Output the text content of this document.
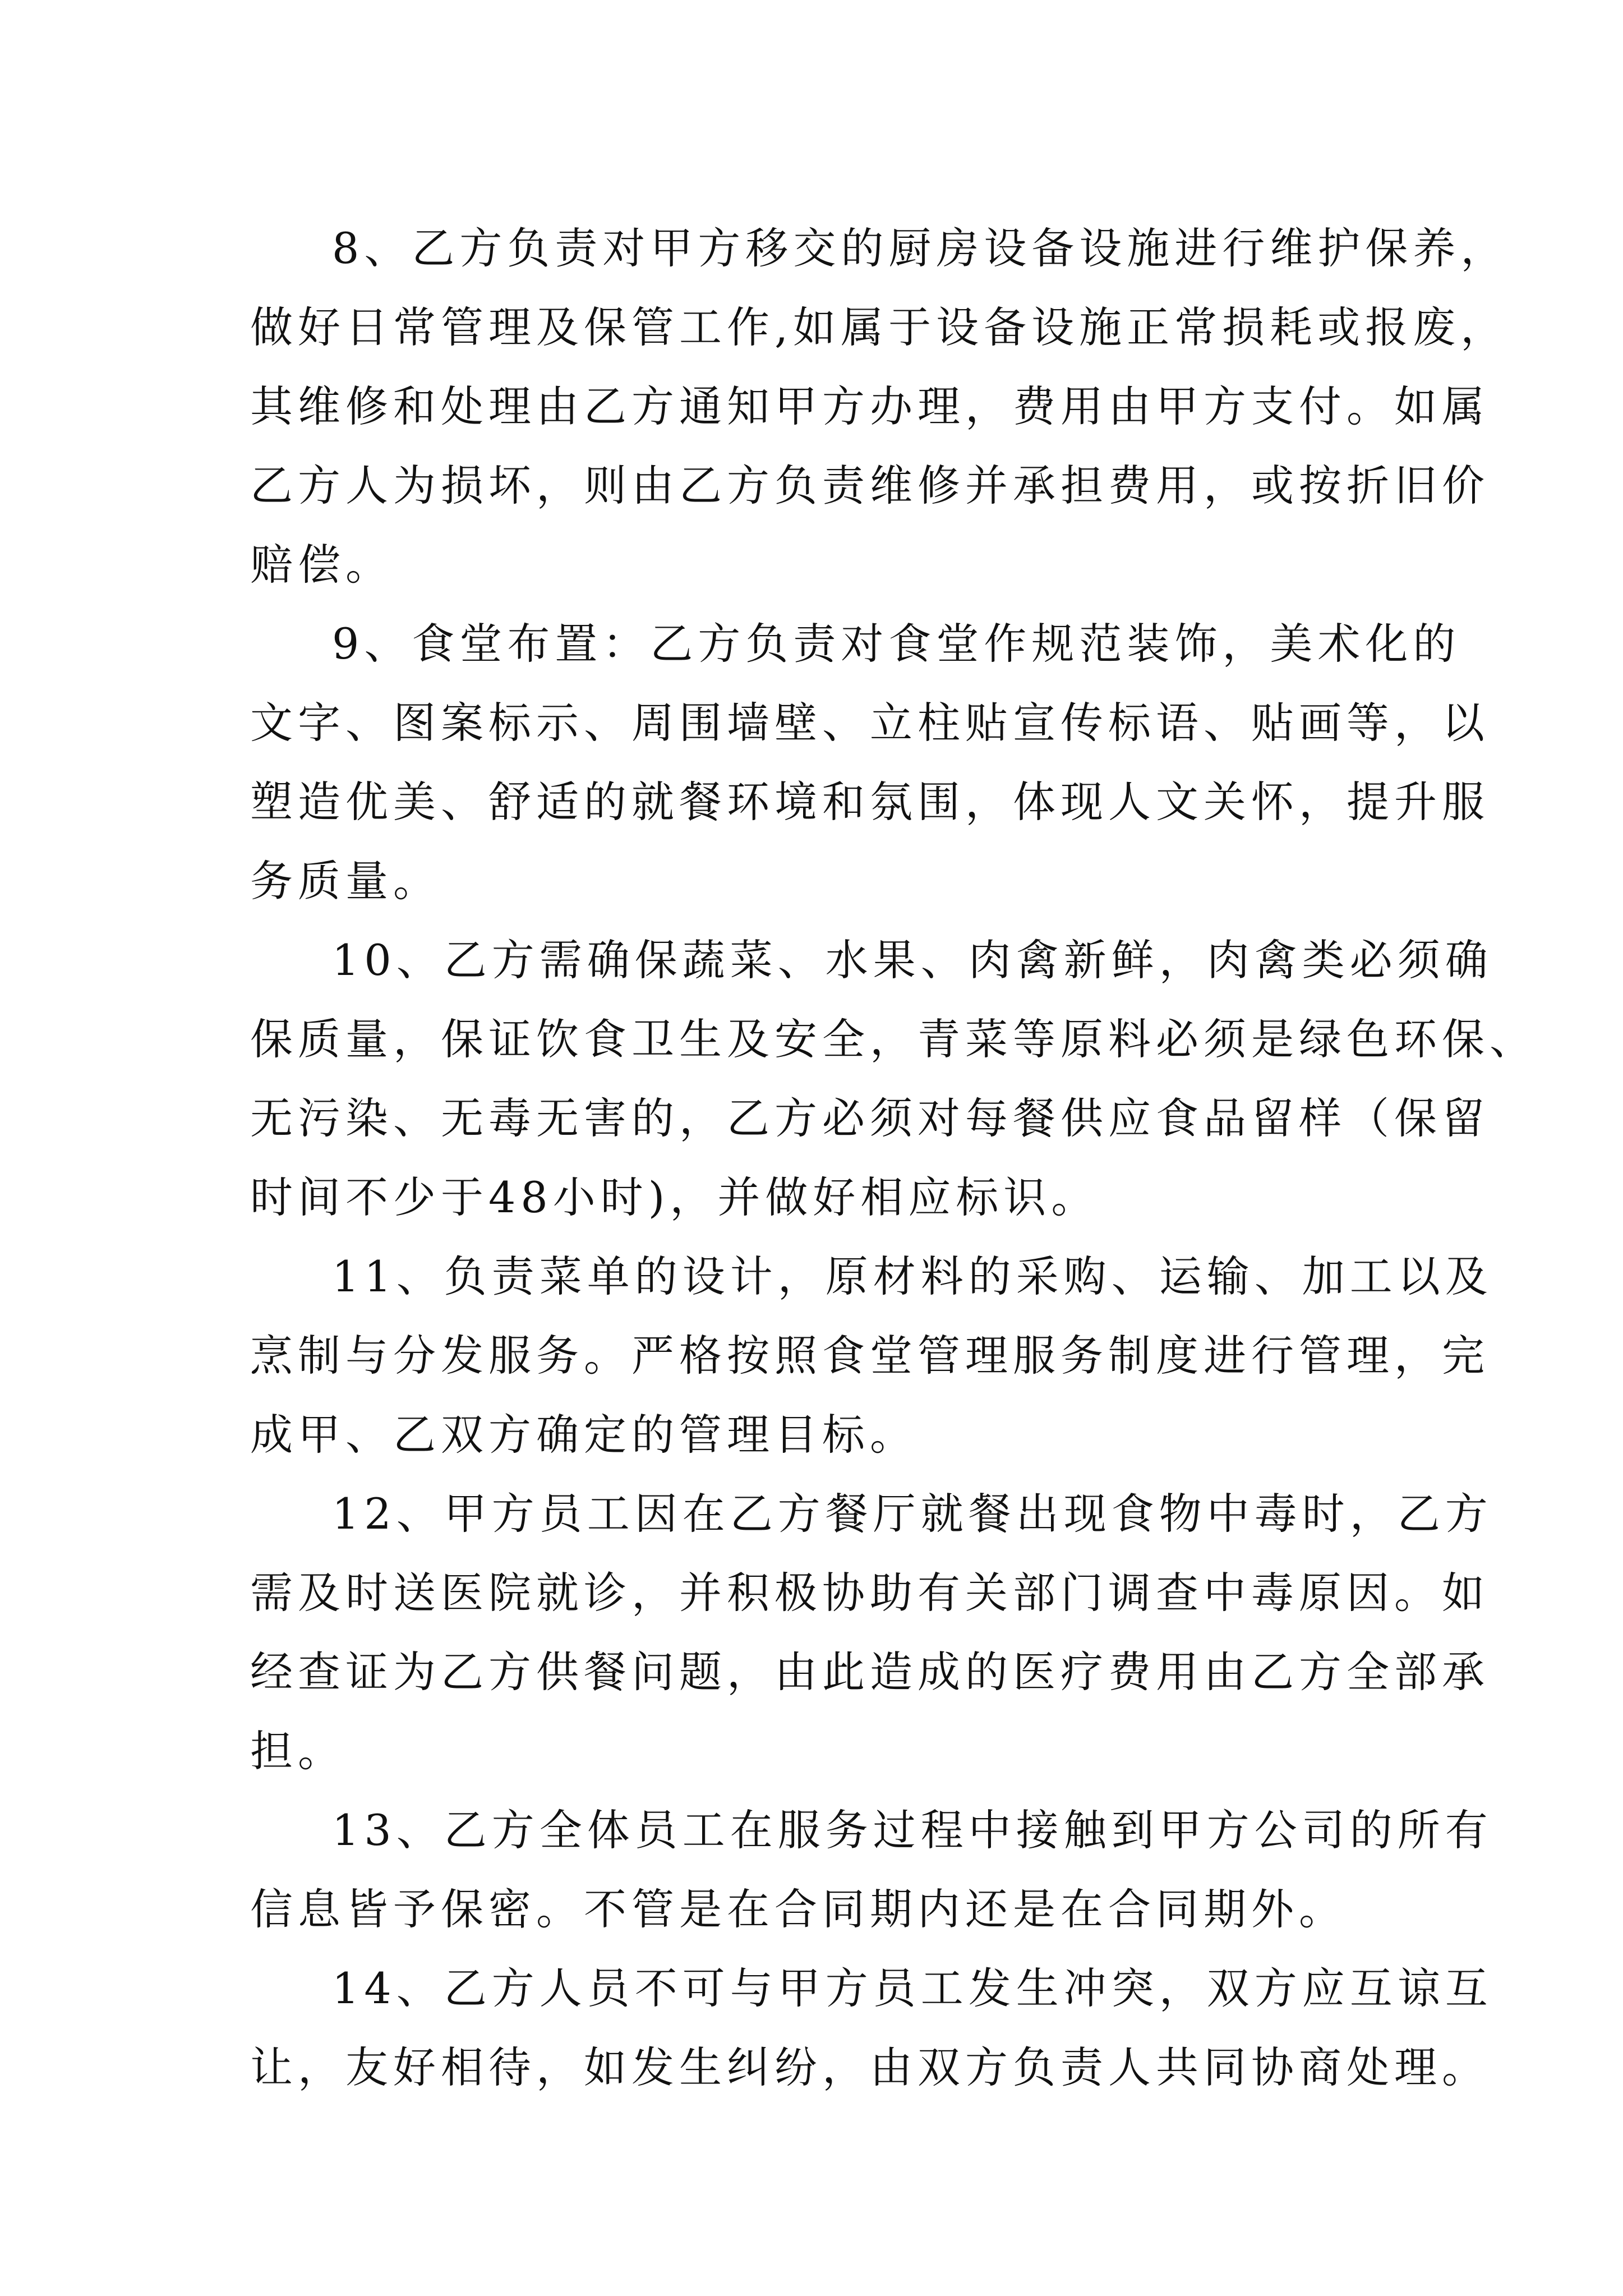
8、乙方负责对甲方移交的厨房设备设施进行维护保养，
做好日常管理及保管工作,如属于设备设施正常损耗或报废，
其维修和处理由乙方通知甲方办理，费用由甲方支付。如属
乙方人为损坏，则由乙方负责维修并承担费用，或按折旧价
赔偿。

9、食堂布置：乙方负责对食堂作规范装饰，美术化的
文字、图案标示、周围墙壁、立柱贴宣传标语、贴画等，以
塑造优美、舒适的就餐环境和氛围，体现人文关怀，提升服
务质量。

10、乙方需确保蔬菜、水果、肉禽新鲜，肉禽类必须确
保质量，保证饮食卫生及安全，青菜等原料必须是绿色环保、
无污染、无毒无害的，乙方必须对每餐供应食品留样（保留
时间不少于48小时)，并做好相应标识。

11、负责菜单的设计，原材料的采购、运输、加工以及
烹制与分发服务。严格按照食堂管理服务制度进行管理，完
成甲、乙双方确定的管理目标。

12、甲方员工因在乙方餐厅就餐出现食物中毒时，乙方
需及时送医院就诊，并积极协助有关部门调查中毒原因。如
经查证为乙方供餐问题，由此造成的医疗费用由乙方全部承
担。

13、乙方全体员工在服务过程中接触到甲方公司的所有
信息皆予保密。不管是在合同期内还是在合同期外。

14、乙方人员不可与甲方员工发生冲突，双方应互谅互
让，友好相待，如发生纠纷，由双方负责人共同协商处理。
